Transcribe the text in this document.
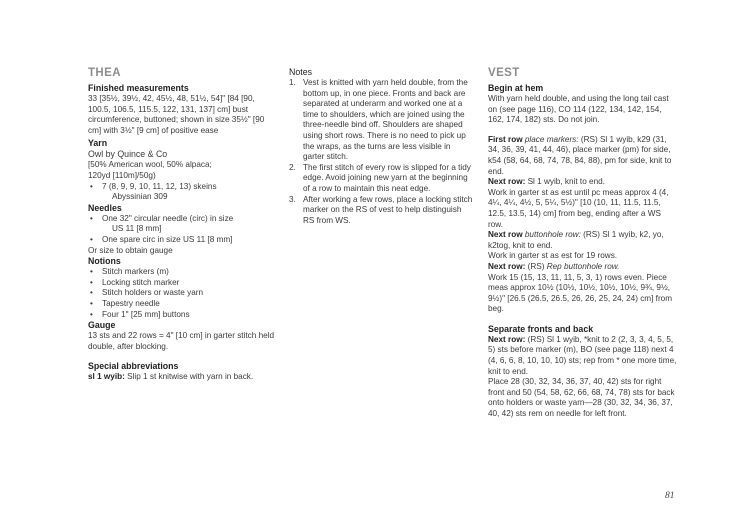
THEA
Finished measurements

33 [35½, 39½, 42, 45½, 48, 51½, 54]" [84 [90, 100.5, 106.5, 115.5, 122, 131, 137] cm] bust circumference, buttoned; shown in size 35½" [90 cm] with 3½" [9 cm] of positive ease

Yarn
Owl by Quince & Co

[50% American wool, 50% alpaca;

120yd [110m]/50g)

• 7 (8, 9, 9, 10, 11, 12, 13) skeins

Abyssinian 309

Needles
• One 32" circular needle (circ) in size

US 11 [8 mm]

• One spare circ in size US 11 [8 mm]

Or size to obtain gauge

Notions
• Stitch markers (m)
• Locking stitch marker
• Stitch holders or waste yarn
• Tapestry needle
• Four 1" [25 mm] buttons
Gauge

13 sts and 22 rows = 4" [10 cm] in garter stitch held double, after blocking.

Special abbreviations

sl 1 wyib: Slip 1 st knitwise with yarn in back.

Notes
1. Vest is knitted with yarn held double, from the bottom up, in one piece. Fronts and back are separated at underarm and worked one at a time to shoulders, which are joined using the three-needle bind off. Shoulders are shaped using short rows. There is no need to pick up the wraps, as the turns are less visible in garter stitch.
2. The first stitch of every row is slipped for a tidy edge. Avoid joining new yarn at the beginning of a row to maintain this neat edge.
3. After working a few rows, place a locking stitch marker on the RS of vest to help distinguish RS from WS.
VEST
Begin at hem

With yarn held double, and using the long tail cast on (see page 116), CO 114 (122, 134, 142, 154, 162, 174, 182) sts. Do not join.

First row place markers: (RS) Sl 1 wyib, k29 (31, 34, 36, 39, 41, 44, 46), place marker (pm) for side, k54 (58, 64, 68, 74, 78, 84, 88), pm for side, knit to end.

Next row: Sl 1 wyib, knit to end.

Work in garter st as est until pc meas approx 4 (4, 4¼, 4¼, 4½, 5, 5¼, 5½)" [10 (10, 11, 11.5, 11.5, 12.5, 13.5, 14) cm] from beg, ending after a WS row.

Next row buttonhole row: (RS) Sl 1 wyib, k2, yo, k2tog, knit to end.

Work in garter st as est for 19 rows.

Next row: (RS) Rep buttonhole row.

Work 15 (15, 13, 11, 11, 5, 3, 1) rows even. Piece meas approx 10½ (10½, 10½, 10½, 10½, 9¾, 9½, 9½)" [26.5 (26.5, 26.5, 26, 26, 25, 24, 24) cm] from beg.

Separate fronts and back

Next row: (RS) Sl 1 wyib, *knit to 2 (2, 3, 3, 4, 5, 5, 5) sts before marker (m), BO (see page 118) next 4 (4, 6, 6, 8, 10, 10, 10) sts; rep from * one more time, knit to end.

Place 28 (30, 32, 34, 36, 37, 40, 42) sts for right front and 50 (54, 58, 62, 66, 68, 74, 78) sts for back onto holders or waste yarn—28 (30, 32, 34, 36, 37, 40, 42) sts rem on needle for left front.

81
